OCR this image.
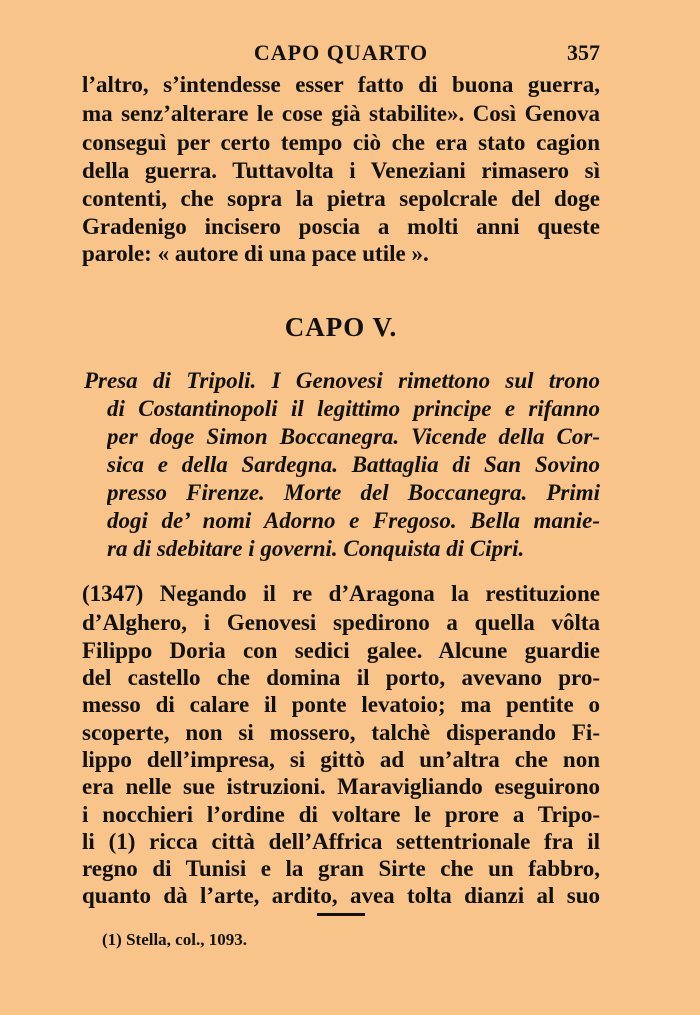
CAPO QUARTO	357
l’altro, s’intendesse esser fatto di buona guerra,
ma senz’alterare le cose già stabilite». Così Genova
conseguì per certo tempo ciò che era stato cagion
della guerra. Tuttavolta i Veneziani rimasero sì
contenti, che sopra la pietra sepolcrale del doge
Gradenigo incisero poscia a molti anni queste
parole: « autore di una pace utile ».
CAPO V.
Presa di Tripoli. I Genovesi rimettono sul trono
di Costantinopoli il legittimo principe e rifanno
per doge Simon Boccanegra. Vicende della Cor-
sica e della Sardegna. Battaglia di San Sovino
presso Firenze. Morte del Boccanegra. Primi
dogi de’ nomi Adorno e Fregoso. Bella manie-
ra di sdebitare i governi. Conquista di Cipri.
(1347) Negando il re d’Aragona la restituzione
d’Alghero, i Genovesi spedirono a quella vôlta
Filippo Doria con sedici galee. Alcune guardie
del castello che domina il porto, avevano pro-
messo di calare il ponte levatoio; ma pentite o
scoperte, non si mossero, talchè disperando Fi-
lippo dell’impresa, si gittò ad un’altra che non
era nelle sue istruzioni. Maravigliando eseguirono
i nocchieri l’ordine di voltare le prore a Tripo-
li (1) ricca città dell’Affrica settentrionale fra il
regno di Tunisi e la gran Sirte che un fabbro,
quanto dà l’arte, ardito, avea tolta dianzi al suo
(1) Stella, col., 1093.
